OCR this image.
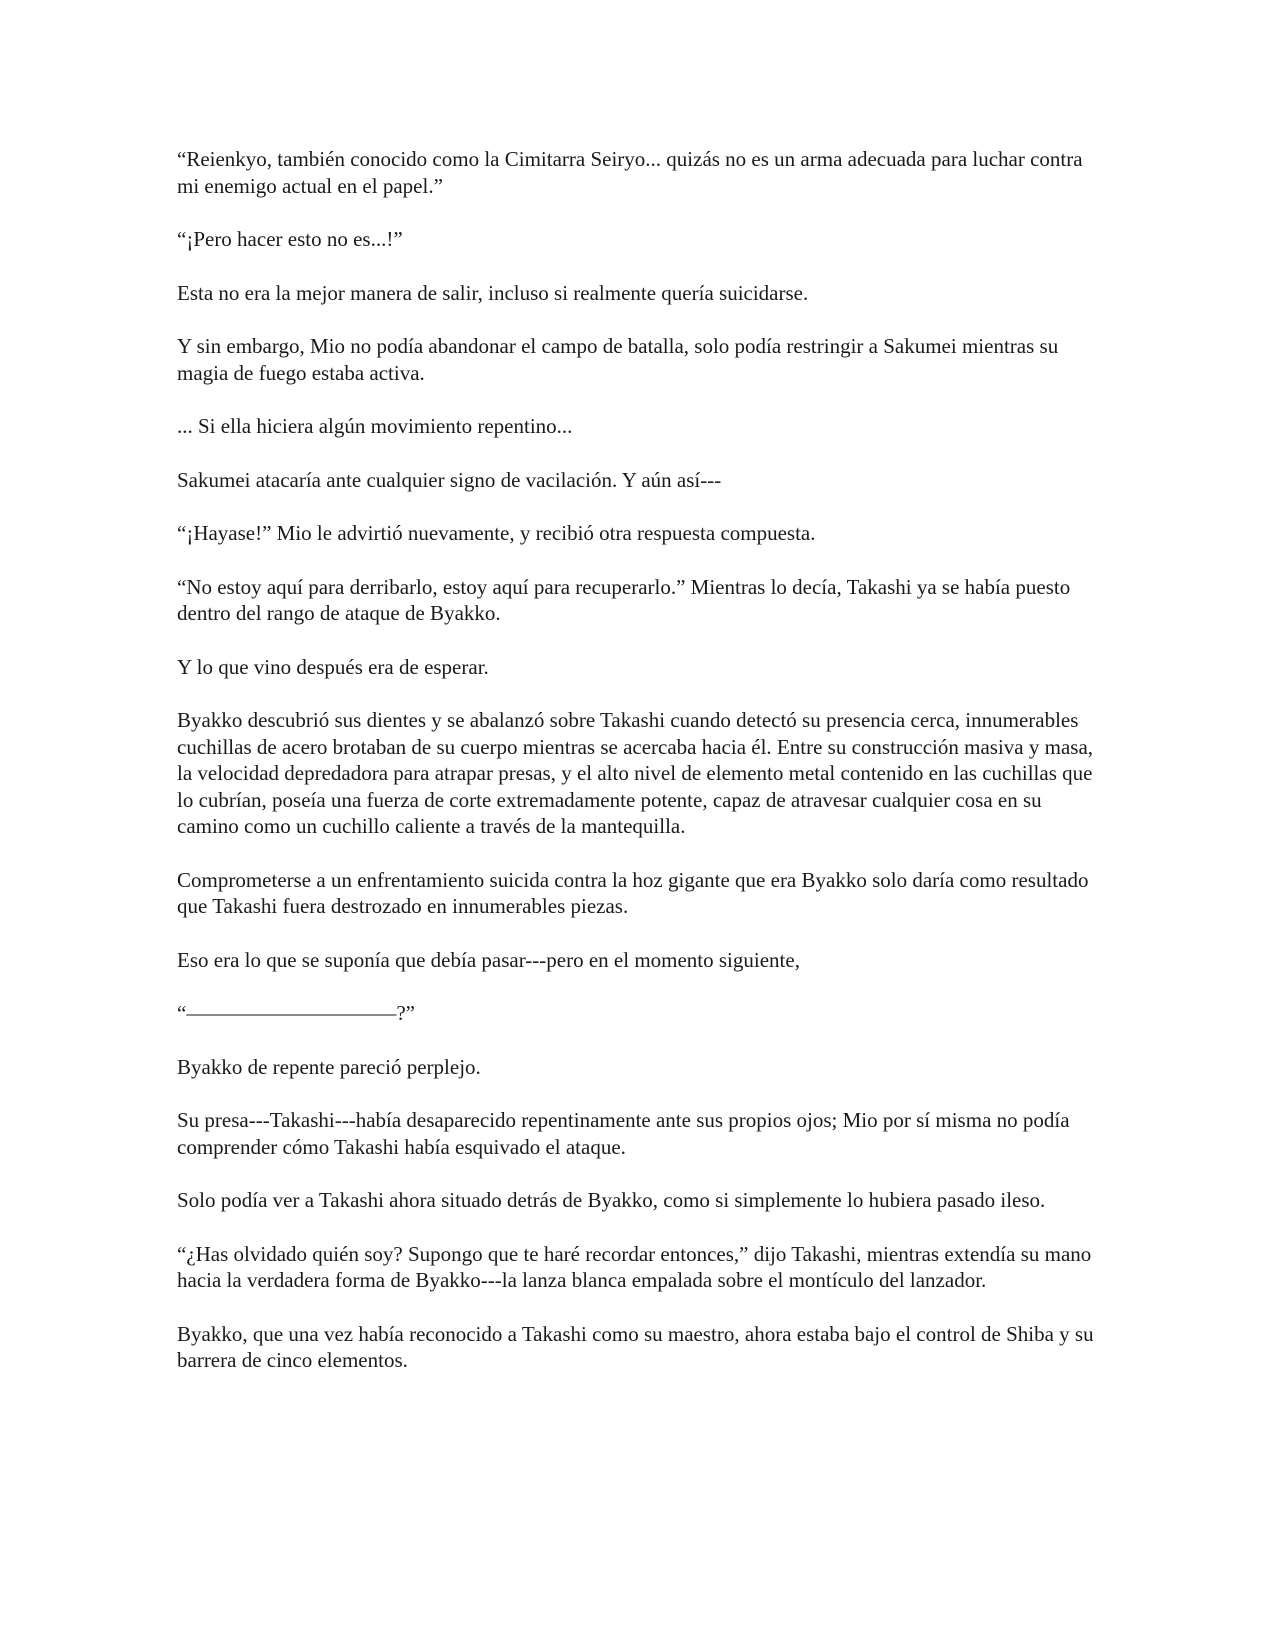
“Reienkyo, también conocido como la Cimitarra Seiryo... quizás no es un arma adecuada para luchar contra mi enemigo actual en el papel.”

“¡Pero hacer esto no es...!”

Esta no era la mejor manera de salir, incluso si realmente quería suicidarse.

Y sin embargo, Mio no podía abandonar el campo de batalla, solo podía restringir a Sakumei mientras su magia de fuego estaba activa.

... Si ella hiciera algún movimiento repentino...

Sakumei atacaría ante cualquier signo de vacilación. Y aún así---

“¡Hayase!” Mio le advirtió nuevamente, y recibió otra respuesta compuesta.

“No estoy aquí para derribarlo, estoy aquí para recuperarlo.” Mientras lo decía, Takashi ya se había puesto dentro del rango de ataque de Byakko.

Y lo que vino después era de esperar.

Byakko descubrió sus dientes y se abalanzó sobre Takashi cuando detectó su presencia cerca, innumerables cuchillas de acero brotaban de su cuerpo mientras se acercaba hacia él. Entre su construcción masiva y masa, la velocidad depredadora para atrapar presas, y el alto nivel de elemento metal contenido en las cuchillas que lo cubrían, poseía una fuerza de corte extremadamente potente, capaz de atravesar cualquier cosa en su camino como un cuchillo caliente a través de la mantequilla.

Comprometerse a un enfrentamiento suicida contra la hoz gigante que era Byakko solo daría como resultado que Takashi fuera destrozado en innumerables piezas.

Eso era lo que se suponía que debía pasar---pero en el momento siguiente,

“——————————?”

Byakko de repente pareció perplejo.

Su presa---Takashi---había desaparecido repentinamente ante sus propios ojos; Mio por sí misma no podía comprender cómo Takashi había esquivado el ataque.

Solo podía ver a Takashi ahora situado detrás de Byakko, como si simplemente lo hubiera pasado ileso.

“¿Has olvidado quién soy? Supongo que te haré recordar entonces,” dijo Takashi, mientras extendía su mano hacia la verdadera forma de Byakko---la lanza blanca empalada sobre el montículo del lanzador.

Byakko, que una vez había reconocido a Takashi como su maestro, ahora estaba bajo el control de Shiba y su barrera de cinco elementos.
